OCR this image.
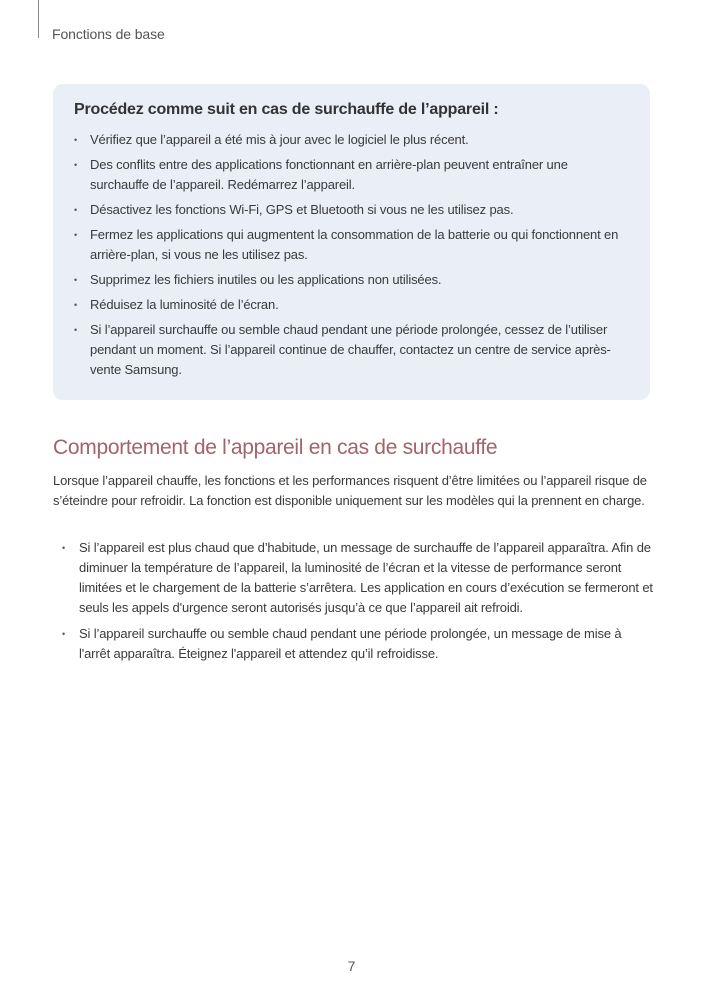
Fonctions de base
Procédez comme suit en cas de surchauffe de l’appareil :
• Vérifiez que l’appareil a été mis à jour avec le logiciel le plus récent.
• Des conflits entre des applications fonctionnant en arrière-plan peuvent entraîner une surchauffe de l’appareil. Redémarrez l’appareil.
• Désactivez les fonctions Wi-Fi, GPS et Bluetooth si vous ne les utilisez pas.
• Fermez les applications qui augmentent la consommation de la batterie ou qui fonctionnent en arrière-plan, si vous ne les utilisez pas.
• Supprimez les fichiers inutiles ou les applications non utilisées.
• Réduisez la luminosité de l’écran.
• Si l’appareil surchauffe ou semble chaud pendant une période prolongée, cessez de l’utiliser pendant un moment. Si l’appareil continue de chauffer, contactez un centre de service après-vente Samsung.
Comportement de l’appareil en cas de surchauffe

Lorsque l’appareil chauffe, les fonctions et les performances risquent d’être limitées ou l’appareil risque de s’éteindre pour refroidir. La fonction est disponible uniquement sur les modèles qui la prennent en charge.

• Si l’appareil est plus chaud que d’habitude, un message de surchauffe de l’appareil apparaîtra. Afin de diminuer la température de l’appareil, la luminosité de l’écran et la vitesse de performance seront limitées et le chargement de la batterie s’arrêtera. Les application en cours d’exécution se fermeront et seuls les appels d'urgence seront autorisés jusqu’à ce que l’appareil ait refroidi.
• Si l’appareil surchauffe ou semble chaud pendant une période prolongée, un message de mise à l'arrêt apparaîtra. Éteignez l'appareil et attendez qu’il refroidisse.
7
